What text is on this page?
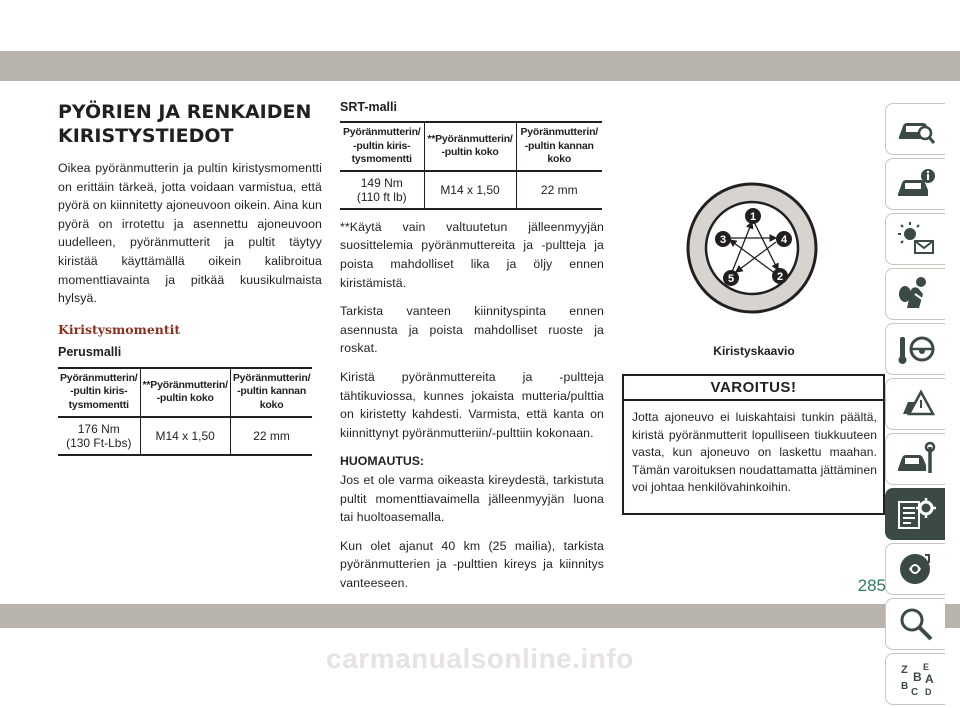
PYÖRIEN JA RENKAIDEN
KIRISTYSTIEDOT

Oikea pyöränmutterin ja pultin kiristysmomentti on erittäin tärkeä, jotta voidaan varmistua, että pyörä on kiinnitetty ajoneuvoon oikein. Aina kun pyörä on irrotettu ja asennettu ajoneuvoon uudelleen, pyöränmutterit ja pultit täytyy kiristää käyttämällä oikein kalibroitua momenttiavainta ja pitkää kuusikulmaista hylsyä.

Kiristysmomentit
Perusmalli
Pyöränmutterin/ -pultin kiris- tysmomentti	**Pyöränmutterin/ -pultin koko	Pyöränmutterin/ -pultin kannan koko
176 Nm
(130 Ft-Lbs)	M14 x 1,50	22 mm
SRT-malli
Pyöränmutterin/ -pultin kiris- tysmomentti	**Pyöränmutterin/ -pultin koko	Pyöränmutterin/ -pultin kannan koko
149 Nm
(110 ft lb)	M14 x 1,50	22 mm

**Käytä vain valtuutetun jälleenmyyjän suosittelemia pyöränmuttereita ja -pultteja ja poista mahdolliset lika ja öljy ennen kiristämistä.

Tarkista vanteen kiinnityspinta ennen asennusta ja poista mahdolliset ruoste ja roskat.

Kiristä pyöränmuttereita ja -pultteja tähtikuviossa, kunnes jokaista mutteria/pulttia on kiristetty kahdesti. Varmista, että kanta on kiinnittynyt pyöränmutteriin/-pulttiin kokonaan.

HUOMAUTUS:

Jos et ole varma oikeasta kireydestä, tarkistuta pultit momenttiavaimella jälleenmyyjän luona tai huoltoasemalla.

Kun olet ajanut 40 km (25 mailia), tarkista pyöränmutterien ja -pulttien kireys ja kiinnitys vanteeseen.

1
2
3	4
5
Kiristyskaavio
VAROITUS!

Jotta ajoneuvo ei luiskahtaisi tunkin päältä, kiristä pyöränmutterit lopulliseen tiukkuuteen vasta, kun ajoneuvo on laskettu maahan. Tämän varoituksen noudattamatta jättäminen voi johtaa henkilövahinkoihin.

Z E
B A
B
C D
285
carmanualsonline.info
